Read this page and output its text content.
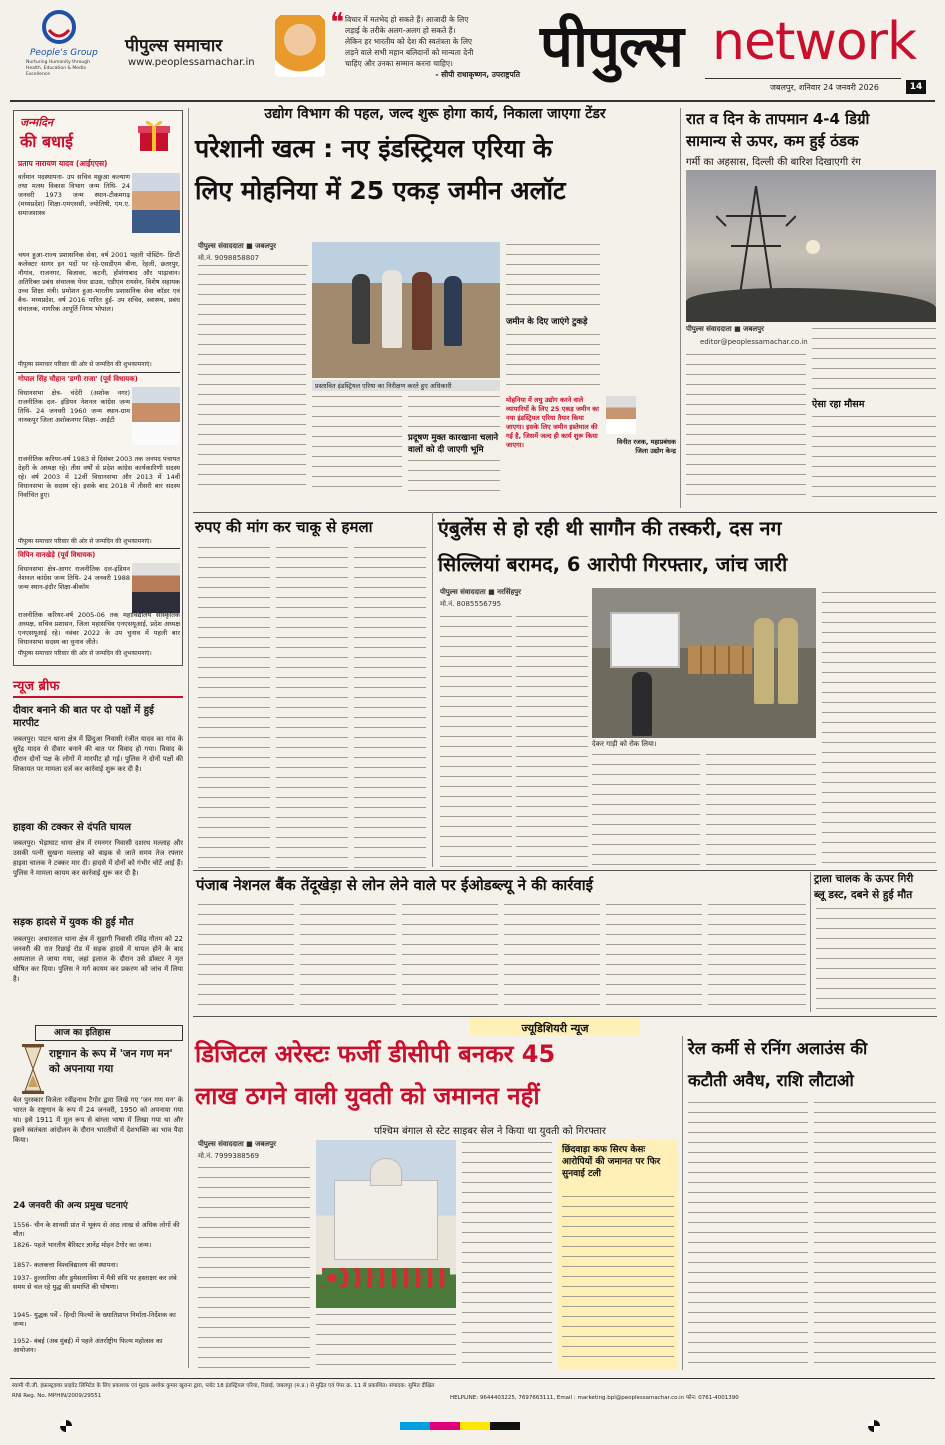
People's Group
Nurturing Humanity through Health, Education & Media Excellence
पीपुल्स समाचार
www.peoplessamachar.in
❝ विचार में मतभेद हो सकते हैं। आजादी के लिए
लड़ाई के तरीके अलग-अलग हो सकते हैं।
लेकिन हर भारतीय को देश की स्वतंत्रता के लिए
लड़ने वाले सभी महान बलिदानों को मान्यता देनी
चाहिए और उनका सम्मान करना चाहिए।
- सीपी राधाकृष्णन, उपराष्ट्रपति पीपुल्स network
जबलपुर, शनिवार 24 जनवरी 2026	14
जन्मदिन
की बधाई
प्रताप नारायण यादव (आईएएस)
वर्तमान पदस्थापना- उप सचिव मछुआ कल्याण तथा मत्स्य विकास विभाग जन्म तिथि- 24 जनवरी 1973 जन्म स्थान-टीकमगढ़ (मध्यप्रदेश) शिक्षा-एमएससी, ज्योतिषी, एम.ए. समाजशास्त्र
चयन हुआ-राज्य प्रशासनिक सेवा, वर्ष 2001 पहली पोस्टिंग- डिप्टी कलेक्टर सागर इन पदों पर रहे-एसडीएम बीना, रेहली, छतरपुर, नौगांव, राजनगर, बिजावर, कटनी, होशंगाबाद और पाढ़ावान। अतिरिक्त प्रबंध संचालक पेयर डाउस, एडीएम रायसेन, विशेष सहायक उच्च शिक्षा मंत्री। प्रमोशन हुआ-भारतीय प्रशासनिक सेवा कॉडर एवं बैच- मध्यप्रदेश, वर्ष 2016 पारित हुई- उप सचिव, स्वास्थ्य, प्रबंध संचालक, नागरिक आपूर्ति निगम भोपाल।
पीपुल्स समाचार परिवार की ओर से जन्मदिन की शुभकामनाएं।
गोपाल सिंह चौहान 'डग्गी राजा' (पूर्व विधायक)
विधानसभा क्षेत्र- चंदेरी (अशोक नगर) राजनीतिक दल- इंडियन नेशनल कांग्रेस जन्म तिथि- 24 जनवरी 1960 जन्म स्थान-ग्राम नानकपुर जिला अशोकनगर शिक्षा- आईटी
राजनीतिक करियर-वर्ष 1983 से दिसंबर 2003 तक जनपद पंचायत देहरी के अध्यक्ष रहे। तीस वर्षों से प्रदेश कांग्रेस कार्यकारिणी सदस्य रहे। वर्ष 2003 में 12वीं विधानसभा और 2013 में 14वीं विधानसभा के सदस्य रहे। इसके बाद 2018 में तीसरी बार सदस्य निर्वाचित हुए।
पीपुल्स समाचार परिवार की ओर से जन्मदिन की शुभकामनाएं।
विपिन वानखेड़े (पूर्व विधायक)
विधानसभा क्षेत्र-आगर राजनीतिक दल-इंडियन नेशनल कांग्रेस जन्म तिथि- 24 जनवरी 1988 जन्म स्थान-इंदौर शिक्षा-बीकॉम
राजनीतिक करियर-वर्ष 2005-06 तक महाविद्यालय सांस्कृतिक अध्यक्ष, सचिव प्रशासन, जिला महासचिव एनएसयूआई, प्रदेश अध्यक्ष एनएसयूआई रहे। नवंबर 2022 के उप चुनाव में पहली बार विधानसभा सदस्य का चुनाव जीते।
पीपुल्स समाचार परिवार की ओर से जन्मदिन की शुभकामनाएं।
न्यूज ब्रीफ
दीवार बनाने की बात पर दो पक्षों में हुई मारपीट
जबलपुर। पाटन थाना क्षेत्र में छिंदुआ निवासी रंजीत यादव का गांव के सुरेंद्र यादव से दीवार बनाने की बात पर विवाद हो गया। विवाद के दौरान दोनों पक्ष के लोगों में मारपीट हो गई। पुलिस ने दोनों पक्षों की शिकायत पर मामला दर्ज कर कार्रवाई शुरू कर दी है।
हाइवा की टक्कर से दंपति घायल
जबलपुर। भेड़ाघाट थाना क्षेत्र में रमनगर निवासी दशरथ मल्लाह और उसकी पत्नी सुखना मल्लाह को बाइक से जाते समय तेज रफ्तार हाइवा चालक ने टक्कर मार दी। हादसे में दोनों को गंभीर चोटें आई हैं। पुलिस ने मामला कायम कर कार्रवाई शुरू कर दी है।
सड़क हादसे में युवक की हुई मौत
जबलपुर। अधारताल थाना क्षेत्र में सुहागी निवासी रविंद्र गौतम को 22 जनवरी की रात रिछाई रोड में सड़क हादसे में घायल होने के बाद अस्पताल ले जाया गया, जहां इलाज के दौरान उसे डॉक्टर ने मृत घोषित कर दिया। पुलिस ने मर्ग कायम कर प्रकरण को जांच में लिया है।
आज का इतिहास
राष्ट्रगान के रूप में 'जन गण मन' को अपनाया गया
बेल पुरस्कार विजेता रवींद्रनाथ टैगोर द्वारा लिखे गए 'जन गण मन' के भारत के राष्ट्रगान के रूप में 24 जनवरी, 1950 को अपनाया गया था। इसे 1911 में मूल रूप से बांग्ला भाषा में लिखा गया था और इसने स्वतंत्रता आंदोलन के दौरान भारतीयों में देशभक्ति का भाव पैदा किया।
24 जनवरी की अन्य प्रमुख घटनाएं
1556- चीन के शानसी प्रांत में भूकंप से आठ लाख से अधिक लोगों की मौत।
1826- पहले भारतीय बैरिस्टर ज्ञानेंद्र मोहन टैगोर का जन्म।
1857- कलकत्ता विश्वविद्यालय की स्थापना।
1937- हुल्लारिया और डुमेसलाविया में मैत्री संधि पर हस्ताक्षर कर लंबे समय से चल रहे युद्ध की समाप्ति की घोषणा।
1945- युद्धक पर्वें - हिन्दी फिल्मों के ख्यातिप्राप्त निर्माता-निर्देशक का जन्म।
1952- बंबई (अब मुंबई) में पहले अंतर्राष्ट्रीय फिल्म महोत्सव का आयोजन।
उद्योग विभाग की पहल, जल्द शुरू होगा कार्य, निकाला जाएगा टेंडर
परेशानी खत्म : नए इंडस्ट्रियल एरिया के
लिए मोहनिया में 25 एकड़ जमीन अलॉट
पीपुल्स संवाददाता ■ जबलपुर
मो.नं. 9098858807
प्रस्तावित इंडस्ट्रियल एरिया का निरीक्षण करते हुए अधिकारी
प्रदूषण मुक्त कारखाना चलाने वालों को दी जाएगी भूमि
जमीन के दिए जाएंगे टुकड़े
मोहनिया में लघु उद्योग करने वाले व्यापारियों के लिए 25 एकड़ जमीन का नया इंडस्ट्रियल एरिया तैयार किया जाएगा। इसके लिए जमीन इस्तेमाल की गई है, जिसमें जल्द ही कार्य शुरू किया जाएगा।	विनीत रजक, महाप्रबंधक जिला उद्योग केन्द्र
रात व दिन के तापमान 4-4 डिग्री
सामान्य से ऊपर, कम हुई ठंडक
गर्मी का अहसास, दिल्ली की बारिश दिखाएगी रंग
पीपुल्स संवाददाता ■ जबलपुर
editor@peoplessamachar.co.in
ऐसा रहा मौसम
रुपए की मांग कर चाकू से हमला	एंबुलेंस से हो रही थी सागौन की तस्करी, दस नग
सिल्लियां बरामद, 6 आरोपी गिरफ्तार, जांच जारी
पीपुल्स संवाददाता ■ नरसिंहपुर
मो.नं. 8085556795
देकर गाड़ी को रोक लिया।
पंजाब नेशनल बैंक तेंदूखेड़ा से लोन लेने वाले पर ईओडब्ल्यू ने की कार्रवाई	ट्राला चालक के ऊपर गिरी
ब्लू डस्ट, दबने से हुई मौत
ज्यूडिशियरी न्यूज
डिजिटल अरेस्टः फर्जी डीसीपी बनकर 45
लाख ठगने वाली युवती को जमानत नहीं
पश्चिम बंगाल से स्टेट साइबर सेल ने किया था युवती को गिरफ्तार
पीपुल्स संवाददाता ■ जबलपुर
मो.नं. 7999388569
छिंदवाड़ा कफ सिरप केसः आरोपियों की जमानत पर फिर सुनवाई टली
रेल कर्मी से रनिंग अलाउंस की
कटौती अवैध, राशि लौटाओ
स्वामी पी.जी. इंफ्रास्ट्रक्चर प्राइवेट लिमिटेड के लिए प्रकाशक एवं मुद्रक अशोक कुमार खुराना द्वारा, प्लॉट 18 इंडस्ट्रियल एरिया, रिछाई, जबलपुर (म.प्र.) से मुद्रित एवं पेपर क्र. 11 से प्रकाशित। संपादक: सुमित दीक्षित
RNI Reg. No. MPHIN/2009/29551	HELPLINE: 9644403225, 7697663111, Email : marketing.bpl@peoplessamachar.co.in फोन: 0761-4001390
